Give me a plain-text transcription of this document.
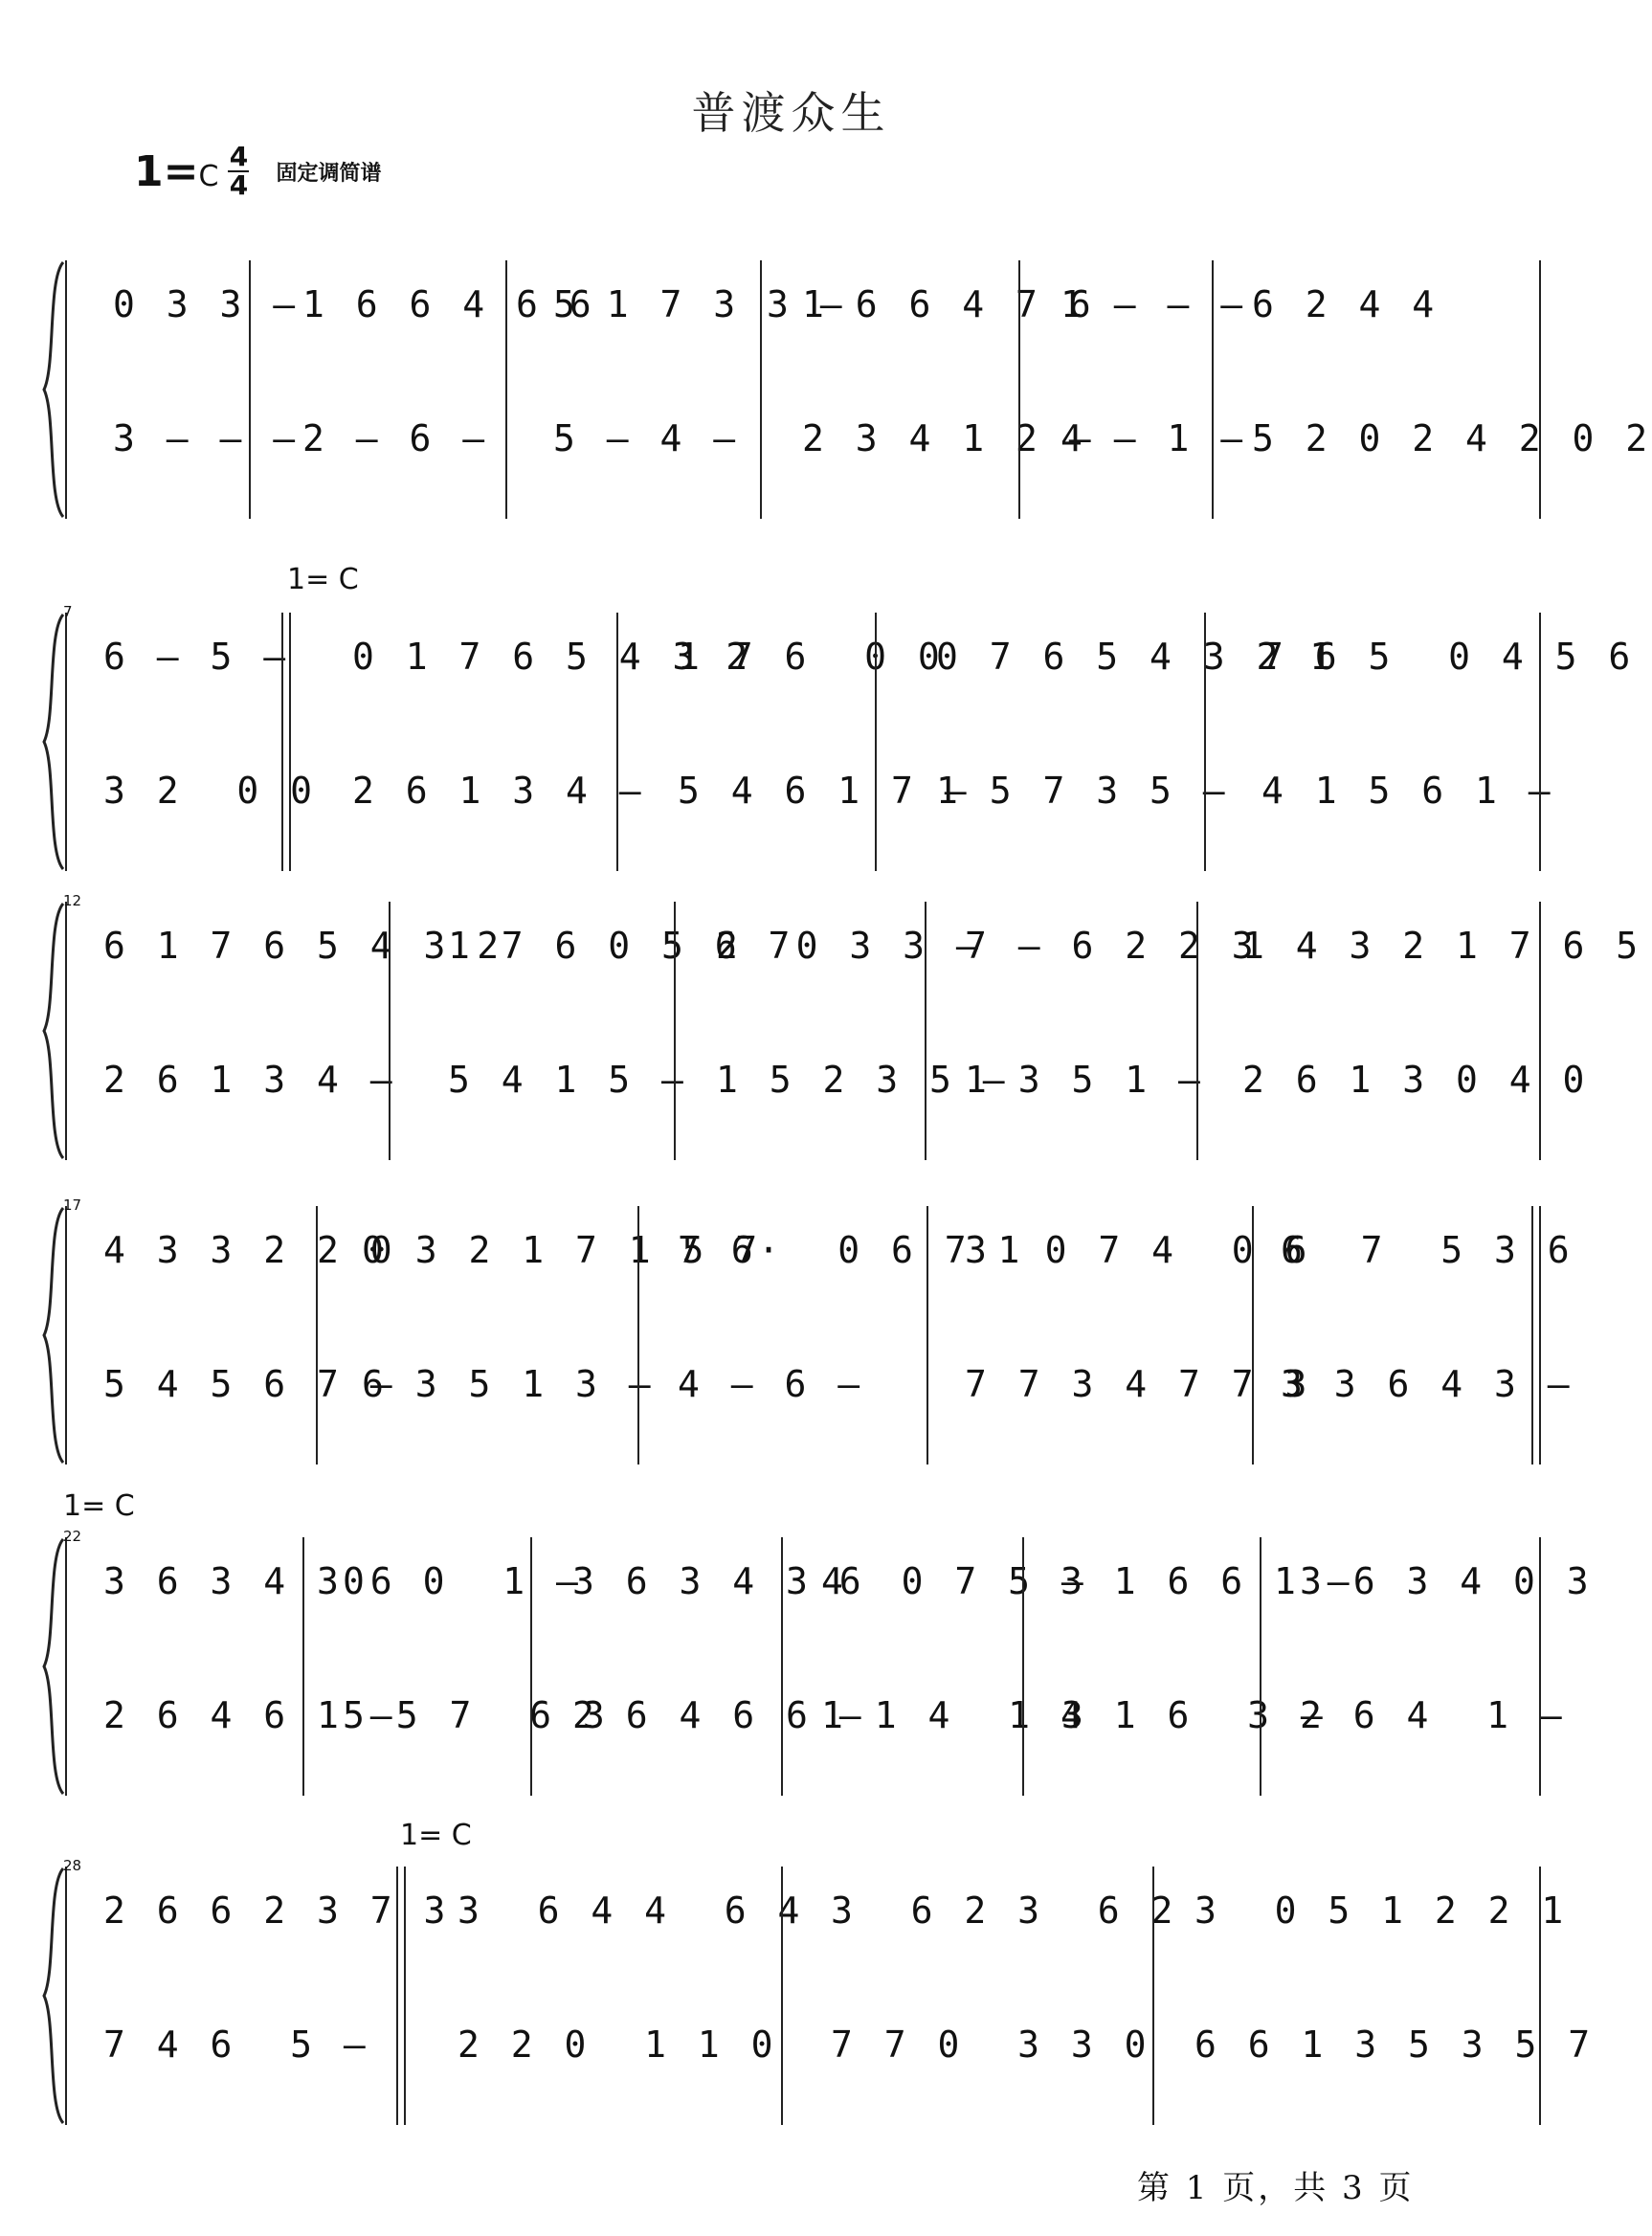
普渡众生
1=C
4
4 固定调简谱
0 3 3 – 1 6 6 4 6 6
5 1 7 3 3 –
1 6 6 4 7 6
1 – – – 6 2 4 4
3 – – – 2 – 6 – 5 – 4 – 2 3 4 1 2 –
4 – 1 – 5 2 0 2 4 2 0 2
1= C
7
6 – 5 – 0 1 7 6 5 4 3 2
1 7 6  0 0
0 7 6 5 4 3 2 1
7 6 5  0 4 5 6
3 2  0 0 2 6 1 3 4 – 5 4 6 1 7 –
1 5 7 3 5 – 4 1 5 6 1 –
12
6 1 7 6 5 4 3 2
1 7 6 0 5 6 7
2  0 3 3 –
7 – 6 2 2 3
1 4 3 2 1 7 6 5
2 6 1 3 4 – 5 4 1 5 – 1 5 2 3 5 –
1 3 5 1 – 2 6 1 3 0 4 0
17
4 3 3 2 2 0
0 3 2 1 7 1 5 7
7 6·  0 6 7 1
3  0 7 4  0 6
6  7  5 3 6
5 4 5 6 7 –
6 3 5 1 3 – 4 – 6 –	7 7 3 4 7 7 3
3 3 6 4 3 –
1= C
22
3 6 3 4 3 6
0  0  1 –
3 6 3 4 3 6
4  0 7 5 –
3 1 6 6 1 –
3 6 3 4 0 3
2 6 4 6 1 –
5 5 7  6 3
2 6 4 6 6 –
1 1 4  1 3
4 1 6  3 –
2 6 4  1 –
1= C
28
2 6 6 2 3 7 3 3  6 4 4  6 4 3  6 2 3  6 2 3  0 5 1 2 2 1
7 4 6  5 – 2 2 0  1 1 0 7 7 0  3 3 0 6 6 1 3 5 3 5 7
第 1 页，共 3 页
